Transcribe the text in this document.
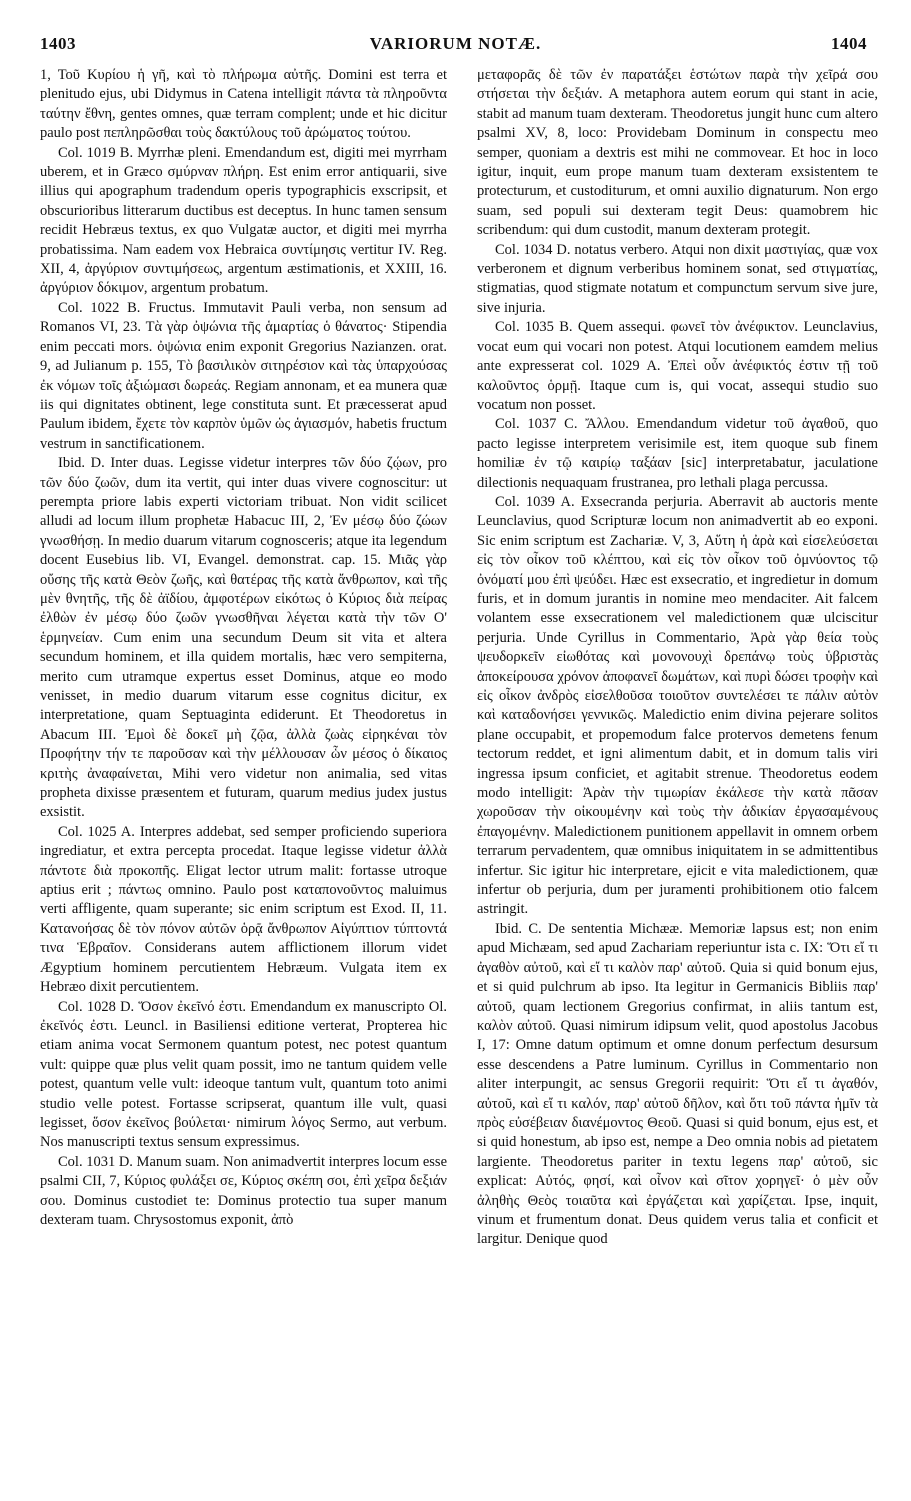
1403	VARIORUM NOTÆ.	1404

1, Τοῦ Κυρίου ἡ γῆ, καὶ τὸ πλήρωμα αὐτῆς. Domini est terra et plenitudo ejus, ubi Didymus in Catena intelligit πάντα τὰ πληροῦντα ταύτην ἔθνη, gentes omnes, quæ terram complent; unde et hic dicitur paulo post πεπληρῶσθαι τοὺς δακτύλους τοῦ ἀρώματος τούτου.

Col. 1019 B. Myrrhæ pleni. Emendandum est, digiti mei myrrham uberem, et in Græco σμύρναν πλήρη. Est enim error antiquarii, sive illius qui apographum tradendum operis typographicis exscripsit, et obscurioribus litterarum ductibus est deceptus. In hunc tamen sensum recidit Hebræus textus, ex quo Vulgatæ auctor, et digiti mei myrrha probatissima. Nam eadem vox Hebraica συντίμησις vertitur IV. Reg. XII, 4, ἀργύριον συντιμήσεως, argentum æstimationis, et XXIII, 16. ἀργύριον δόκιμον, argentum probatum.

Col. 1022 B. Fructus. Immutavit Pauli verba, non sensum ad Romanos VI, 23. Τὰ γὰρ ὀψώνια τῆς ἁμαρτίας ὁ θάνατος· Stipendia enim peccati mors. ὀψώνια enim exponit Gregorius Nazianzen. orat. 9, ad Julianum p. 155, Τὸ βασιλικὸν σιτηρέσιον καὶ τὰς ὑπαρχούσας ἐκ νόμων τοῖς ἀξιώμασι δωρεάς. Regiam annonam, et ea munera quæ iis qui dignitates obtinent, lege constituta sunt. Et præcesserat apud Paulum ibidem, ἔχετε τὸν καρπὸν ὑμῶν ὡς ἁγιασμόν, habetis fructum vestrum in sanctificationem.

Ibid. D. Inter duas. Legisse videtur interpres τῶν δύο ζῴων, pro τῶν δύο ζωῶν, dum ita vertit, qui inter duas vivere cognoscitur: ut perempta priore labis experti victoriam tribuat. Non vidit scilicet alludi ad locum illum prophetæ Habacuc III, 2, Ἐν μέσῳ δύο ζώων γνωσθήσῃ. In medio duarum vitarum cognosceris; atque ita legendum docent Eusebius lib. VI, Evangel. demonstrat. cap. 15. Μιᾶς γὰρ οὔσης τῆς κατὰ Θεὸν ζωῆς, καὶ θατέρας τῆς κατὰ ἄνθρωπον, καὶ τῆς μὲν θνητῆς, τῆς δὲ ἀϊδίου, ἀμφοτέρων εἰκότως ὁ Κύριος διὰ πείρας ἐλθὼν ἐν μέσῳ δύο ζωῶν γνωσθῆναι λέγεται κατὰ τὴν τῶν Ο' ἑρμηνείαν. Cum enim una secundum Deum sit vita et altera secundum hominem, et illa quidem mortalis, hæc vero sempiterna, merito cum utramque expertus esset Dominus, atque eo modo venisset, in medio duarum vitarum esse cognitus dicitur, ex interpretatione, quam Septuaginta ediderunt. Et Theodoretus in Abacum III. Ἐμοὶ δὲ δοκεῖ μὴ ζῷα, ἀλλὰ ζωὰς εἰρηκέναι τὸν Προφήτην τήν τε παροῦσαν καὶ τὴν μέλλουσαν ὧν μέσος ὁ δίκαιος κριτὴς ἀναφαίνεται, Mihi vero videtur non animalia, sed vitas propheta dixisse præsentem et futuram, quarum medius judex justus exsistit.

Col. 1025 A. Interpres addebat, sed semper proficiendo superiora ingrediatur, et extra percepta procedat. Itaque legisse videtur ἀλλὰ πάντοτε διὰ προκοπῆς. Eligat lector utrum malit: fortasse utroque aptius erit ; πάντως omnino. Paulo post καταπονοῦντος maluimus verti affligente, quam superante; sic enim scriptum est Exod. II, 11. Κατανοήσας δὲ τὸν πόνον αὐτῶν ὁρᾷ ἄνθρωπον Αἰγύπτιον τύπτοντά τινα Ἑβραῖον. Considerans autem afflictionem illorum videt Ægyptium hominem percutientem Hebræum. Vulgata item ex Hebræo dixit percutientem.

Col. 1028 D. Ὅσον ἐκεῖνό ἐστι. Emendandum ex manuscripto Ol. ἐκεῖνός ἐστι. Leuncl. in Basiliensi editione verterat, Propterea hic etiam anima vocat Sermonem quantum potest, nec potest quantum vult: quippe quæ plus velit quam possit, imo ne tantum quidem velle potest, quantum velle vult: ideoque tantum vult, quantum toto animi studio velle potest. Fortasse scripserat, quantum ille vult, quasi legisset, ὅσον ἐκεῖνος βούλεται· nimirum λόγος Sermo, aut verbum. Nos manuscripti textus sensum expressimus.

Col. 1031 D. Manum suam. Non animadvertit interpres locum esse psalmi CII, 7, Κύριος φυλάξει σε, Κύριος σκέπη σοι, ἐπὶ χεῖρα δεξιάν σου. Dominus custodiet te: Dominus protectio tua super manum dexteram tuam. Chrysostomus exponit, ἀπὸ

μεταφορᾶς δὲ τῶν ἐν παρατάξει ἑστώτων παρὰ τὴν χεῖρά σου στήσεται τὴν δεξιάν. A metaphora autem eorum qui stant in acie, stabit ad manum tuam dexteram. Theodoretus jungit hunc cum altero psalmi XV, 8, loco: Providebam Dominum in conspectu meo semper, quoniam a dextris est mihi ne commovear. Et hoc in loco igitur, inquit, eum prope manum tuam dexteram exsistentem te protecturum, et custoditurum, et omni auxilio dignaturum. Non ergo suam, sed populi sui dexteram tegit Deus: quamobrem hic scribendum: qui dum custodit, manum dexteram protegit.

Col. 1034 D. notatus verbero. Atqui non dixit μαστιγίας, quæ vox verberonem et dignum verberibus hominem sonat, sed στιγματίας, stigmatias, quod stigmate notatum et compunctum servum sive jure, sive injuria.

Col. 1035 B. Quem assequi. φωνεῖ τὸν ἀνέφικτον. Leunclavius, vocat eum qui vocari non potest. Atqui locutionem eamdem melius ante expresserat col. 1029 A. Ἐπεὶ οὖν ἀνέφικτός ἐστιν τῇ τοῦ καλοῦντος ὁρμῇ. Itaque cum is, qui vocat, assequi studio suo vocatum non posset.

Col. 1037 C. Ἄλλου. Emendandum videtur τοῦ ἀγαθοῦ, quo pacto legisse interpretem verisimile est, item quoque sub finem homiliæ ἐν τῷ καιρίῳ ταξάαν [sic] interpretabatur, jaculatione dilectionis nequaquam frustranea, pro lethali plaga percussa.

Col. 1039 A. Exsecranda perjuria. Aberravit ab auctoris mente Leunclavius, quod Scripturæ locum non animadvertit ab eo exponi. Sic enim scriptum est Zachariæ. V, 3, Αὕτη ἡ ἀρὰ καὶ εἰσελεύσεται εἰς τὸν οἶκον τοῦ κλέπτου, καὶ εἰς τὸν οἶκον τοῦ ὀμνύοντος τῷ ὀνόματί μου ἐπὶ ψεύδει. Hæc est exsecratio, et ingredietur in domum furis, et in domum jurantis in nomine meo mendaciter. Ait falcem volantem esse exsecrationem vel maledictionem quæ ulciscitur perjuria. Unde Cyrillus in Commentario, Ἀρὰ γὰρ θεία τοὺς ψευδορκεῖν εἰωθότας καὶ μονονουχὶ δρεπάνῳ τοὺς ὑβριστὰς ἀποκείρουσα χρόνον ἀποφανεῖ δωμάτων, καὶ πυρὶ δώσει τροφὴν καὶ εἰς οἶκον ἀνδρὸς εἰσελθοῦσα τοιοῦτον συντελέσει τε πάλιν αὐτὸν καὶ καταδονήσει γεννικῶς. Maledictio enim divina pejerare solitos plane occupabit, et propemodum falce protervos demetens fenum tectorum reddet, et igni alimentum dabit, et in domum talis viri ingressa ipsum conficiet, et agitabit strenue. Theodoretus eodem modo intelligit: Ἀρὰν τὴν τιμωρίαν ἐκάλεσε τὴν κατὰ πᾶσαν χωροῦσαν τὴν οἰκουμένην καὶ τοὺς τὴν ἀδικίαν ἐργασαμένους ἐπαγομένην. Maledictionem punitionem appellavit in omnem orbem terrarum pervadentem, quæ omnibus iniquitatem in se admittentibus infertur. Sic igitur hic interpretare, ejicit e vita maledictionem, quæ infertur ob perjuria, dum per juramenti prohibitionem otio falcem astringit.

Ibid. C. De sententia Michææ. Memoriæ lapsus est; non enim apud Michæam, sed apud Zachariam reperiuntur ista c. IX: Ὅτι εἴ τι ἀγαθὸν αὐτοῦ, καὶ εἴ τι καλὸν παρ' αὐτοῦ. Quia si quid bonum ejus, et si quid pulchrum ab ipso. Ita legitur in Germanicis Bibliis παρ' αὐτοῦ, quam lectionem Gregorius confirmat, in aliis tantum est, καλὸν αὐτοῦ. Quasi nimirum idipsum velit, quod apostolus Jacobus I, 17: Omne datum optimum et omne donum perfectum desursum esse descendens a Patre luminum. Cyrillus in Commentario non aliter interpungit, ac sensus Gregorii requirit: Ὅτι εἴ τι ἀγαθόν, αὐτοῦ, καὶ εἴ τι καλόν, παρ' αὐτοῦ δῆλον, καὶ ὅτι τοῦ πάντα ἡμῖν τὰ πρὸς εὐσέβειαν διανέμοντος Θεοῦ. Quasi si quid bonum, ejus est, et si quid honestum, ab ipso est, nempe a Deo omnia nobis ad pietatem largiente. Theodoretus pariter in textu legens παρ' αὐτοῦ, sic explicat: Αὐτός, φησί, καὶ οἶνον καὶ σῖτον χορηγεῖ· ὁ μὲν οὖν ἀληθὴς Θεὸς τοιαῦτα καὶ ἐργάζεται καὶ χαρίζεται. Ipse, inquit, vinum et frumentum donat. Deus quidem verus talia et conficit et largitur. Denique quod
